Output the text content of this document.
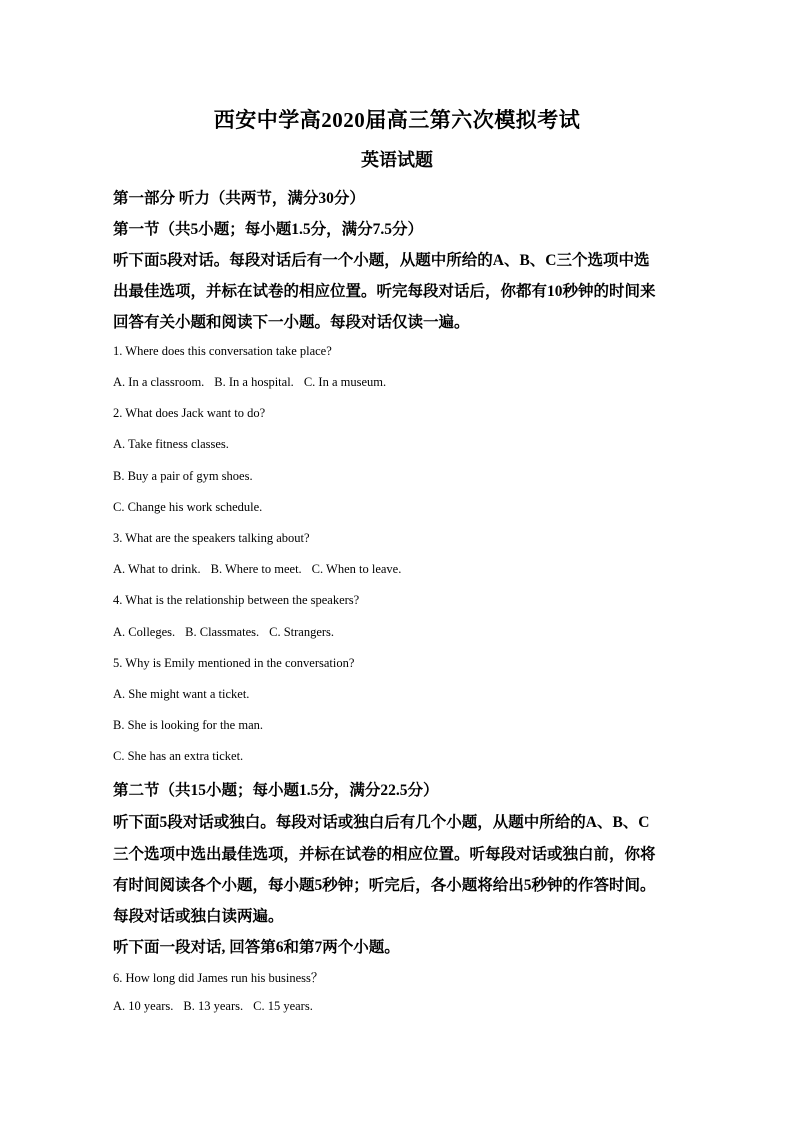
西安中学高2020届高三第六次模拟考试
英语试题
第一部分 听力（共两节，满分30分）
第一节（共5小题；每小题1.5分，满分7.5分）
听下面5段对话。每段对话后有一个小题，从题中所给的A、B、C三个选项中选
出最佳选项，并标在试卷的相应位置。听完每段对话后，你都有10秒钟的时间来
回答有关小题和阅读下一小题。每段对话仅读一遍。
1. Where does this conversation take place?
A. In a classroom. B. In a hospital. C. In a museum.
2. What does Jack want to do?
A. Take fitness classes.
B. Buy a pair of gym shoes.
C. Change his work schedule.
3. What are the speakers talking about?
A. What to drink. B. Where to meet. C. When to leave.
4. What is the relationship between the speakers?
A. Colleges. B. Classmates. C. Strangers.
5. Why is Emily mentioned in the conversation?
A. She might want a ticket.
B. She is looking for the man.
C. She has an extra ticket.
第二节（共15小题；每小题1.5分，满分22.5分）
听下面5段对话或独白。每段对话或独白后有几个小题，从题中所给的A、B、C
三个选项中选出最佳选项，并标在试卷的相应位置。听每段对话或独白前，你将
有时间阅读各个小题，每小题5秒钟；听完后，各小题将给出5秒钟的作答时间。
每段对话或独白读两遍。
听下面一段对话, 回答第6和第7两个小题。
6. How long did James run his business？
A. 10 years. B. 13 years. C. 15 years.
